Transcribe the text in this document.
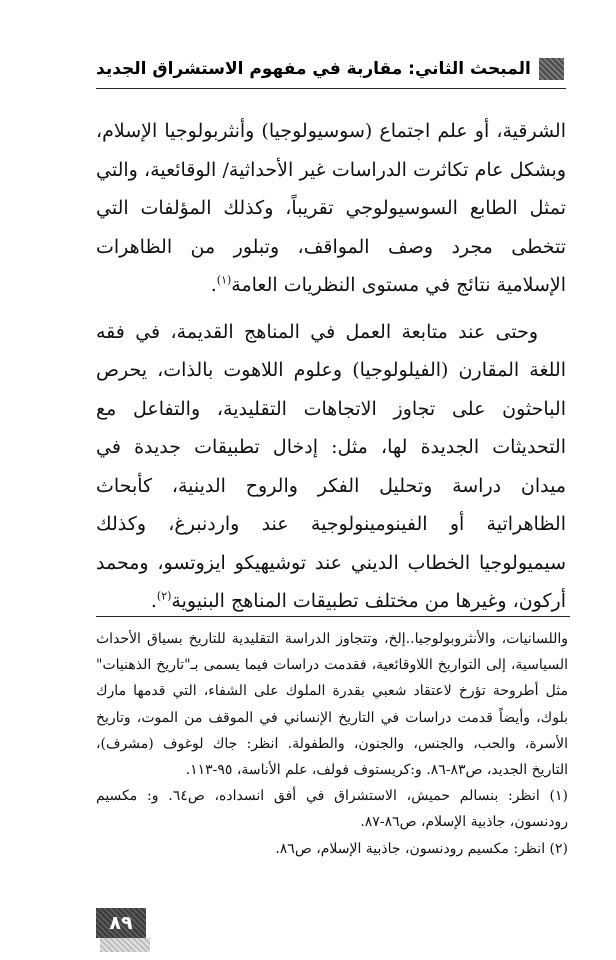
المبحث الثاني: مقاربة في مفهوم الاستشراق الجديد

الشرقية، أو علم اجتماع (سوسيولوجيا) وأنثربولوجيا الإسلام، وبشكل عام تكاثرت الدراسات غير الأحداثية/ الوقائعية، والتي تمثل الطابع السوسيولوجي تقريباً، وكذلك المؤلفات التي تتخطى مجرد وصف المواقف، وتبلور من الظاهرات الإسلامية نتائج في مستوى النظريات العامة$^{(١)}$.

وحتى عند متابعة العمل في المناهج القديمة، في فقه اللغة المقارن (الفيلولوجيا) وعلوم اللاهوت بالذات، يحرص الباحثون على تجاوز الاتجاهات التقليدية، والتفاعل مع التحديثات الجديدة لها، مثل: إدخال تطبيقات جديدة في ميدان دراسة وتحليل الفكر والروح الدينية، كأبحاث الظاهراتية أو الفينومينولوجية عند واردنبرغ، وكذلك سيميولوجيا الخطاب الديني عند توشيهيكو ايزوتسو، ومحمد أركون، وغيرها من مختلف تطبيقات المناهج البنيوية$^{(٢)}$.

واللسانيات، والأنثروبولوجيا..إلخ، وتتجاوز الدراسة التقليدية للتاريخ بسياق الأحداث السياسية، إلى التواريخ اللاوقائعية، فقدمت دراسات فيما يسمى بـ"تاريخ الذهنيات" مثل أطروحة تؤرخ لاعتقاد شعبي بقدرة الملوك على الشفاء، التي قدمها مارك بلوك، وأيضاً قدمت دراسات في التاريخ الإنساني في الموقف من الموت، وتاريخ الأسرة، والحب، والجنس، والجنون، والطفولة. انظر: جاك لوغوف (مشرف)، التاريخ الجديد، ص٨٣-٨٦. و:كريستوف فولف، علم الأناسة، ٩٥-١١٣.

(١) انظر: بنسالم حميش، الاستشراق في أفق انسداده، ص٦٤. و: مكسيم رودنسون، جاذبية الإسلام، ص٨٦-٨٧.

(٢) انظر: مكسيم رودنسون، جاذبية الإسلام، ص٨٦.

٨٩
